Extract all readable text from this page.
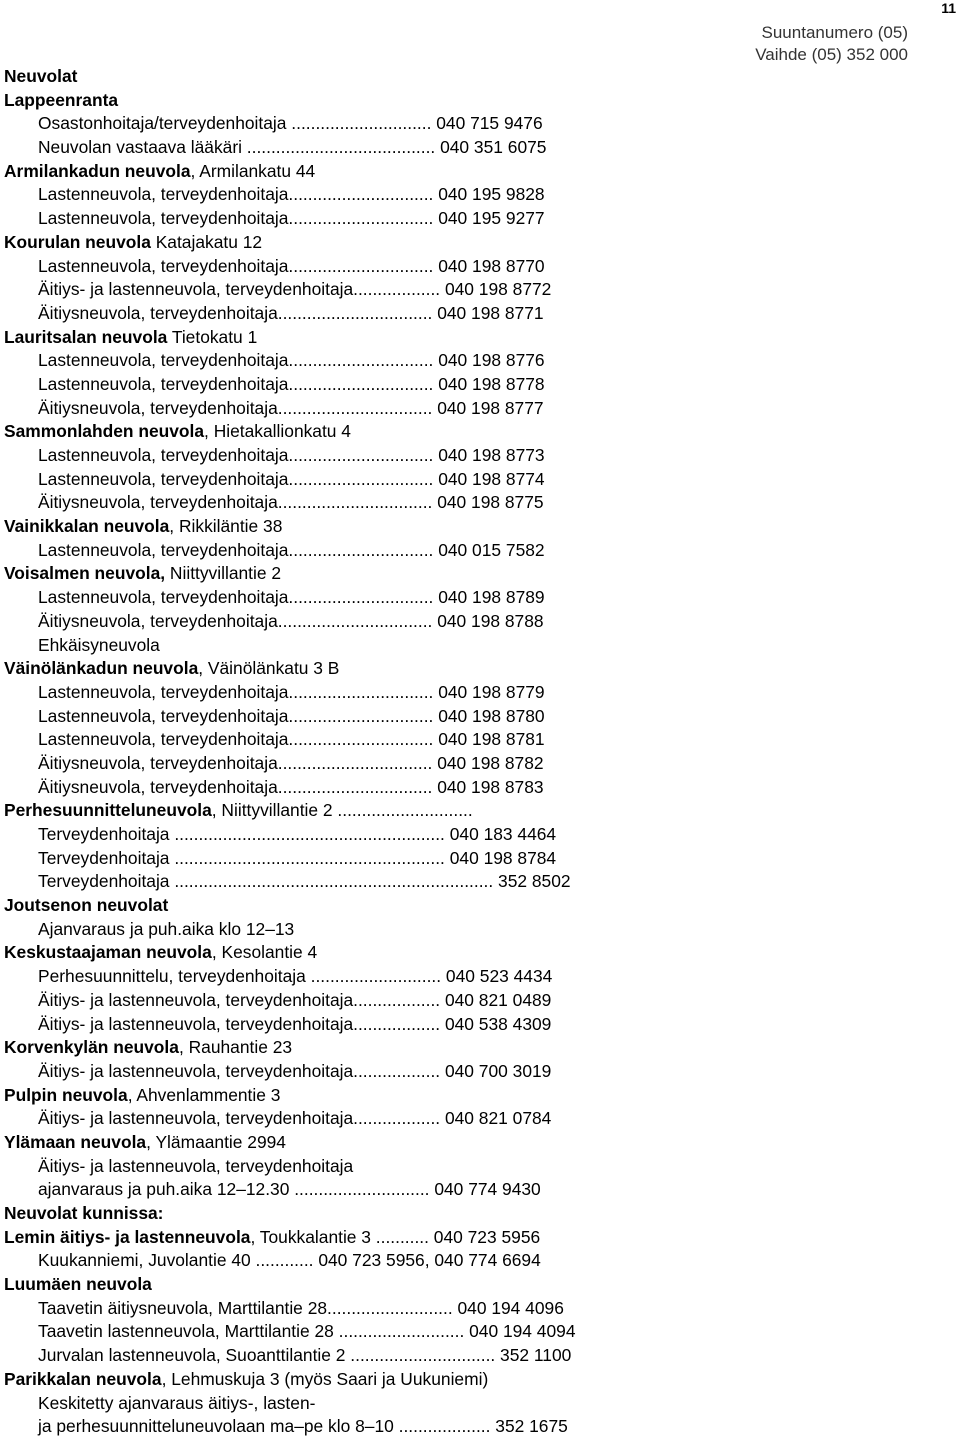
11
Suuntanumero (05)
Vaihde (05) 352 000
Neuvolat
Lappeenranta
Osastonhoitaja/terveydenhoitaja ............................. 040 715 9476
Neuvolan vastaava lääkäri ....................................... 040 351 6075
Armilankadun neuvola, Armilankatu 44
Lastenneuvola, terveydenhoitaja.............................. 040 195 9828
Lastenneuvola, terveydenhoitaja.............................. 040 195 9277
Kourulan neuvola Katajakatu 12
Lastenneuvola, terveydenhoitaja.............................. 040 198 8770
Äitiys- ja lastenneuvola, terveydenhoitaja.................. 040 198 8772
Äitiysneuvola, terveydenhoitaja................................ 040 198 8771
Lauritsalan neuvola Tietokatu 1
Lastenneuvola, terveydenhoitaja.............................. 040 198 8776
Lastenneuvola, terveydenhoitaja.............................. 040 198 8778
Äitiysneuvola, terveydenhoitaja................................ 040 198 8777
Sammonlahden neuvola, Hietakallionkatu 4
Lastenneuvola, terveydenhoitaja.............................. 040 198 8773
Lastenneuvola, terveydenhoitaja.............................. 040 198 8774
Äitiysneuvola, terveydenhoitaja................................ 040 198 8775
Vainikkalan neuvola, Rikkiläntie 38
Lastenneuvola, terveydenhoitaja.............................. 040 015 7582
Voisalmen neuvola, Niittyvillantie 2
Lastenneuvola, terveydenhoitaja.............................. 040 198 8789
Äitiysneuvola, terveydenhoitaja................................ 040 198 8788
Ehkäisyneuvola
Väinölänkadun neuvola, Väinölänkatu 3 B
Lastenneuvola, terveydenhoitaja.............................. 040 198 8779
Lastenneuvola, terveydenhoitaja.............................. 040 198 8780
Lastenneuvola, terveydenhoitaja.............................. 040 198 8781
Äitiysneuvola, terveydenhoitaja................................ 040 198 8782
Äitiysneuvola, terveydenhoitaja................................ 040 198 8783
Perhesuunnitteluneuvola, Niittyvillantie 2 ............................
Terveydenhoitaja ........................................................ 040 183 4464
Terveydenhoitaja ........................................................ 040 198 8784
Terveydenhoitaja .................................................................. 352 8502
Joutsenon neuvolat
Ajanvaraus ja puh.aika klo 12–13
Keskustaajaman neuvola, Kesolantie 4
Perhesuunnittelu, terveydenhoitaja ........................... 040 523 4434
Äitiys- ja lastenneuvola, terveydenhoitaja.................. 040 821 0489
Äitiys- ja lastenneuvola, terveydenhoitaja.................. 040 538 4309
Korvenkylän neuvola, Rauhantie 23
Äitiys- ja lastenneuvola, terveydenhoitaja.................. 040 700 3019
Pulpin neuvola, Ahvenlammentie 3
Äitiys- ja lastenneuvola, terveydenhoitaja.................. 040 821 0784
Ylämaan neuvola, Ylämaantie 2994
Äitiys- ja lastenneuvola, terveydenhoitaja
ajanvaraus ja puh.aika 12–12.30 ............................ 040 774 9430
Neuvolat kunnissa:
Lemin äitiys- ja lastenneuvola, Toukkalantie 3 ........... 040 723 5956
Kuukanniemi, Juvolantie 40 ............ 040 723 5956, 040 774 6694
Luumäen neuvola
Taavetin äitiysneuvola, Marttilantie 28.......................... 040 194 4096
Taavetin lastenneuvola, Marttilantie 28 .......................... 040 194 4094
Jurvalan lastenneuvola, Suoanttilantie 2 .............................. 352 1100
Parikkalan neuvola, Lehmuskuja 3 (myös Saari ja Uukuniemi)
Keskitetty ajanvaraus äitiys-, lasten-
ja perhesuunnitteluneuvolaan ma–pe klo 8–10 ................... 352 1675
